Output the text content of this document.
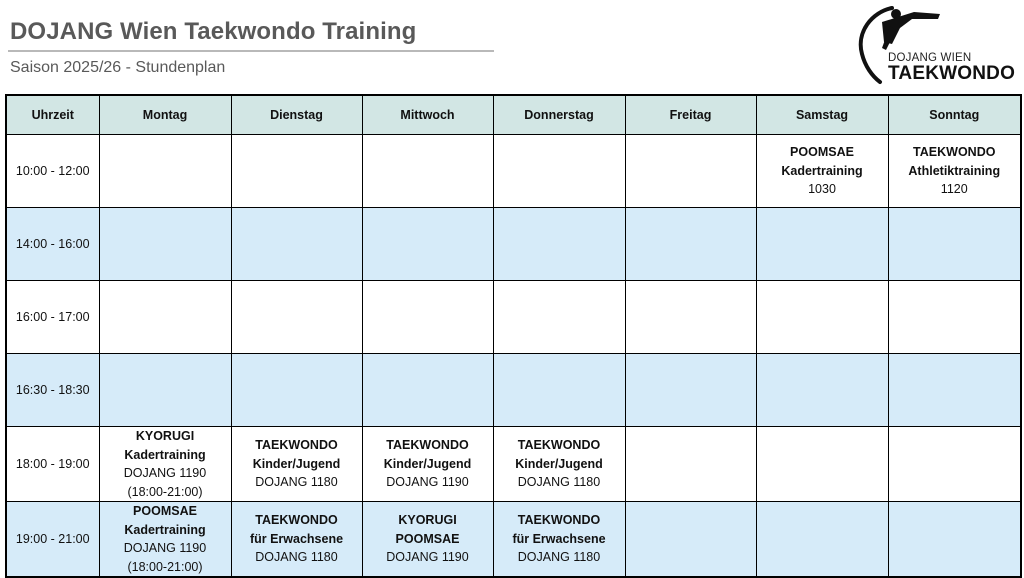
DOJANG Wien Taekwondo Training
Saison 2025/26 - Stundenplan
DOJANG WIEN
TAEKWONDO
Uhrzeit	Montag	Dienstag	Mittwoch	Donnerstag	Freitag	Samstag	Sonntag
10:00 - 12:00						POOMSAE
Kadertraining
1030	TAEKWONDO
Athletiktraining
1120

14:00 - 16:00							
16:00 - 17:00							
16:30 - 18:30							
18:00 - 19:00	KYORUGI
Kadertraining
DOJANG 1190
(18:00-21:00)	TAEKWONDO
Kinder/Jugend
DOJANG 1180	TAEKWONDO
Kinder/Jugend
DOJANG 1190	TAEKWONDO
Kinder/Jugend
DOJANG 1180			

19:00 - 21:00	POOMSAE
Kadertraining
DOJANG 1190
(18:00-21:00)	TAEKWONDO
für Erwachsene
DOJANG 1180	KYORUGI
POOMSAE
DOJANG 1190	TAEKWONDO
für Erwachsene
DOJANG 1180			
